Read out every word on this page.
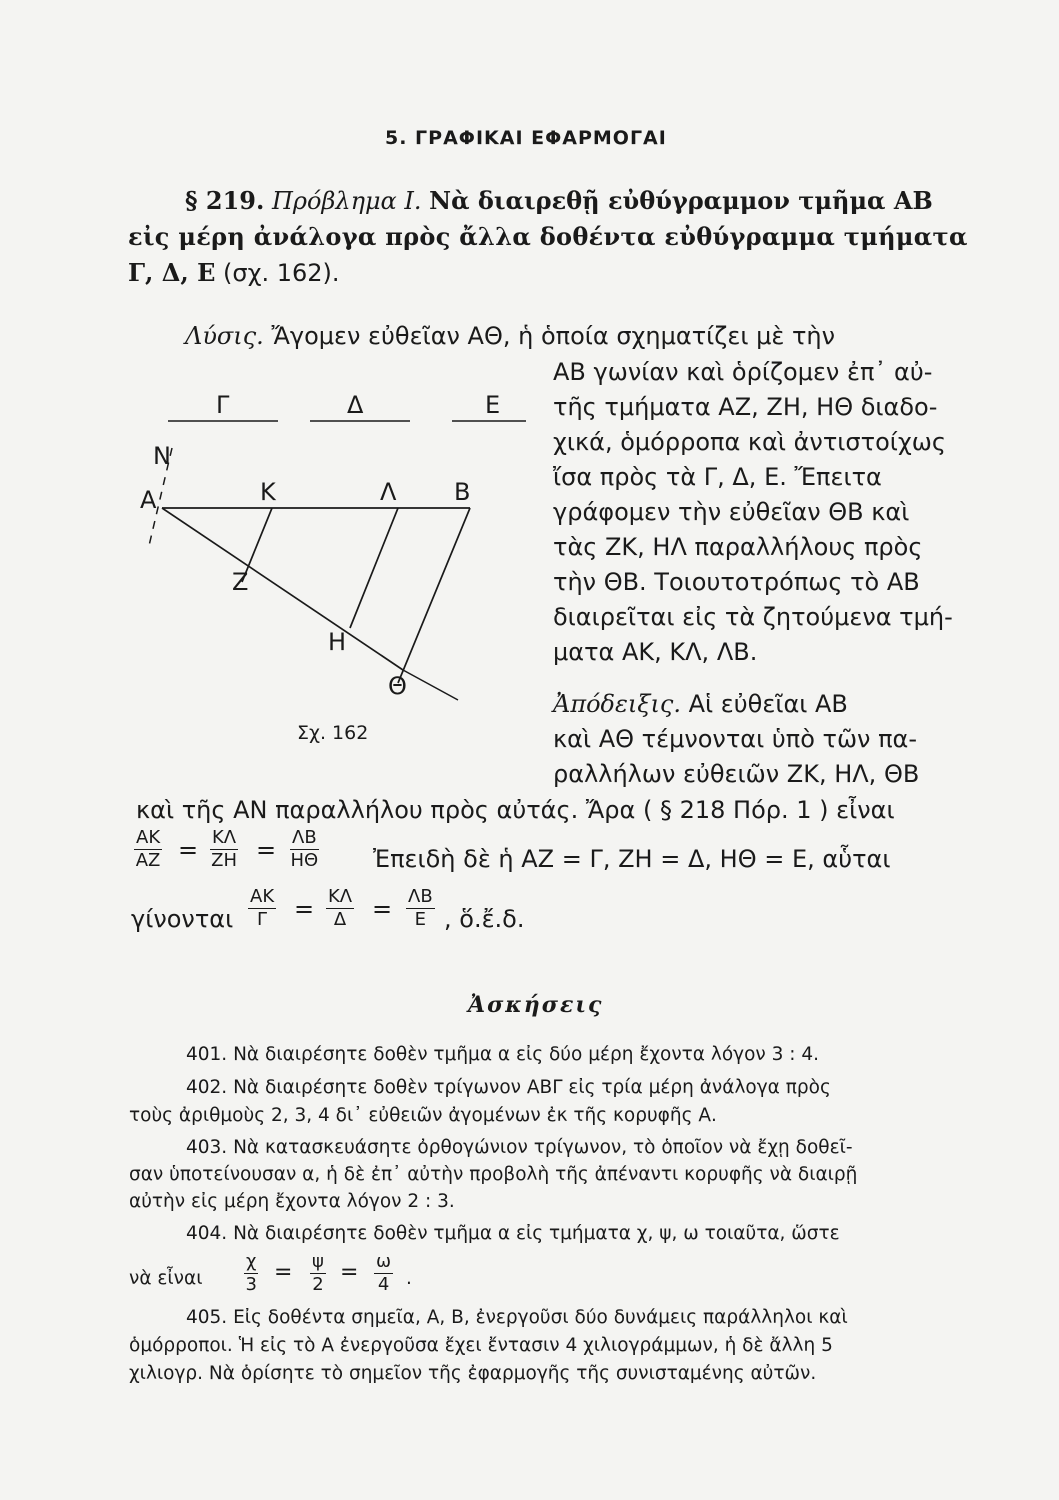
5. ΓΡΑΦΙΚΑΙ ΕΦΑΡΜΟΓΑΙ
§ 219. Πρόβλημα I. Νὰ διαιρεθῇ εὐθύγραμμον τμῆμα ΑΒ
εἰς μέρη ἀνάλογα πρὸς ἄλλα δοθέντα εὐθύγραμμα τμήματα
Γ, Δ, Ε (σχ. 162).
Λύσις. Ἄγομεν εὐθεῖαν ΑΘ, ἡ ὁποία σχηματίζει μὲ τὴν
ΑΒ γωνίαν καὶ ὁρίζομεν ἐπ᾽ αὐ-
τῆς τμήματα ΑΖ, ΖΗ, ΗΘ διαδο-
χικά, ὁμόρροπα καὶ ἀντιστοίχως
ἴσα πρὸς τὰ Γ, Δ, Ε. Ἔπειτα
γράφομεν τὴν εὐθεῖαν ΘΒ καὶ
τὰς ΖΚ, ΗΛ παραλλήλους πρὸς
τὴν ΘΒ. Τοιουτοτρόπως τὸ ΑΒ
διαιρεῖται εἰς τὰ ζητούμενα τμή-
ματα ΑΚ, ΚΛ, ΛΒ.
Γ	Δ	Ε
N
Α	Κ	Λ Β
Ζ
Η
Θ
Σχ. 162
Ἀπόδειξις. Αἱ εὐθεῖαι ΑΒ
καὶ ΑΘ τέμνονται ὑπὸ τῶν πα-
ραλλήλων εὐθειῶν ΖΚ, ΗΛ, ΘΒ
καὶ τῆς ΑΝ παραλλήλου πρὸς αὐτάς. Ἄρα ( § 218 Πόρ. 1 ) εἶναι
$\frac{AK}{AZ} = \frac{K\Lambda}{ZH} = \frac{\Lambda B}{H\Theta}$ Ἐπειδὴ δὲ ἡ ΑΖ = Γ, ΖΗ = Δ, ΗΘ = Ε, αὗται
γίνονται $\frac{AK}{\Gamma} = \frac{K\Lambda}{\Delta} = \frac{\Lambda B}{E}$ , ὅ.ἔ.δ.
Ἀσκήσεις
401. Νὰ διαιρέσητε δοθὲν τμῆμα α εἰς δύο μέρη ἔχοντα λόγον 3 : 4.
402. Νὰ διαιρέσητε δοθὲν τρίγωνον ΑΒΓ εἰς τρία μέρη ἀνάλογα πρὸς
τοὺς ἀριθμοὺς 2, 3, 4 δι᾽ εὐθειῶν ἀγομένων ἐκ τῆς κορυφῆς Α.
403. Νὰ κατασκευάσητε ὀρθογώνιον τρίγωνον, τὸ ὁποῖον νὰ ἔχῃ δοθεῖ-
σαν ὑποτείνουσαν α, ἡ δὲ ἐπ᾽ αὐτὴν προβολὴ τῆς ἀπέναντι κορυφῆς νὰ διαιρῇ
αὐτὴν εἰς μέρη ἔχοντα λόγον 2 : 3.
404. Νὰ διαιρέσητε δοθὲν τμῆμα α εἰς τμήματα χ, ψ, ω τοιαῦτα, ὥστε
νὰ εἶναι $\frac{\chi}{3} = \frac{\psi}{2} = \frac{\omega}{4}$ .
405. Εἰς δοθέντα σημεῖα, Α, Β, ἐνεργοῦσι δύο δυνάμεις παράλληλοι καὶ
ὁμόρροποι. Ἡ εἰς τὸ Α ἐνεργοῦσα ἔχει ἔντασιν 4 χιλιογράμμων, ἡ δὲ ἄλλη 5
χιλιογρ. Νὰ ὁρίσητε τὸ σημεῖον τῆς ἐφαρμογῆς τῆς συνισταμένης αὐτῶν.
